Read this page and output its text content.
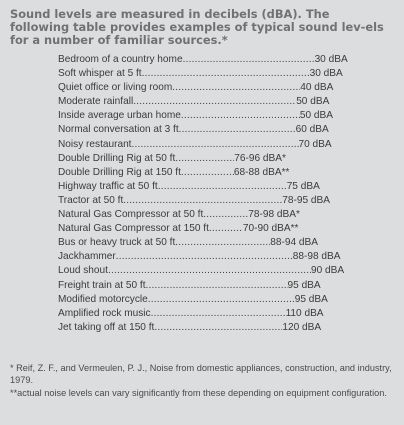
Sound levels are measured in decibels (dBA). The following table provides examples of typical sound lev-els for a number of familiar sources.*
Bedroom of a country home .....	30 dBA
Soft whisper at 5 ft .....	30 dBA
Quiet office or living room .....	40 dBA
Moderate rainfall .....	50 dBA
Inside average urban home .....	50 dBA
Normal conversation at 3 ft .....	60 dBA
Noisy restaurant .....	70 dBA
Double Drilling Rig at 50 ft .....	76-96 dBA*
Double Drilling Rig at 150 ft .....	68-88 dBA**
Highway traffic at 50 ft .....	75 dBA
Tractor at 50 ft .....	78-95 dBA
Natural Gas Compressor at 50 ft .....	78-98 dBA*
Natural Gas Compressor at 150 ft .....	70-90 dBA**
Bus or heavy truck at 50 ft .....	88-94 dBA
Jackhammer .....	88-98 dBA
Loud shout .....	90 dBA
Freight train at 50 ft .....	95 dBA
Modified motorcycle .....	95 dBA
Amplified rock music .....	110 dBA
Jet taking off at 150 ft .....	120 dBA

* Reif, Z. F., and Vermeulen, P. J., Noise from domestic appliances, construction, and industry, 1979.

**actual noise levels can vary significantly from these depending on equipment configuration.
